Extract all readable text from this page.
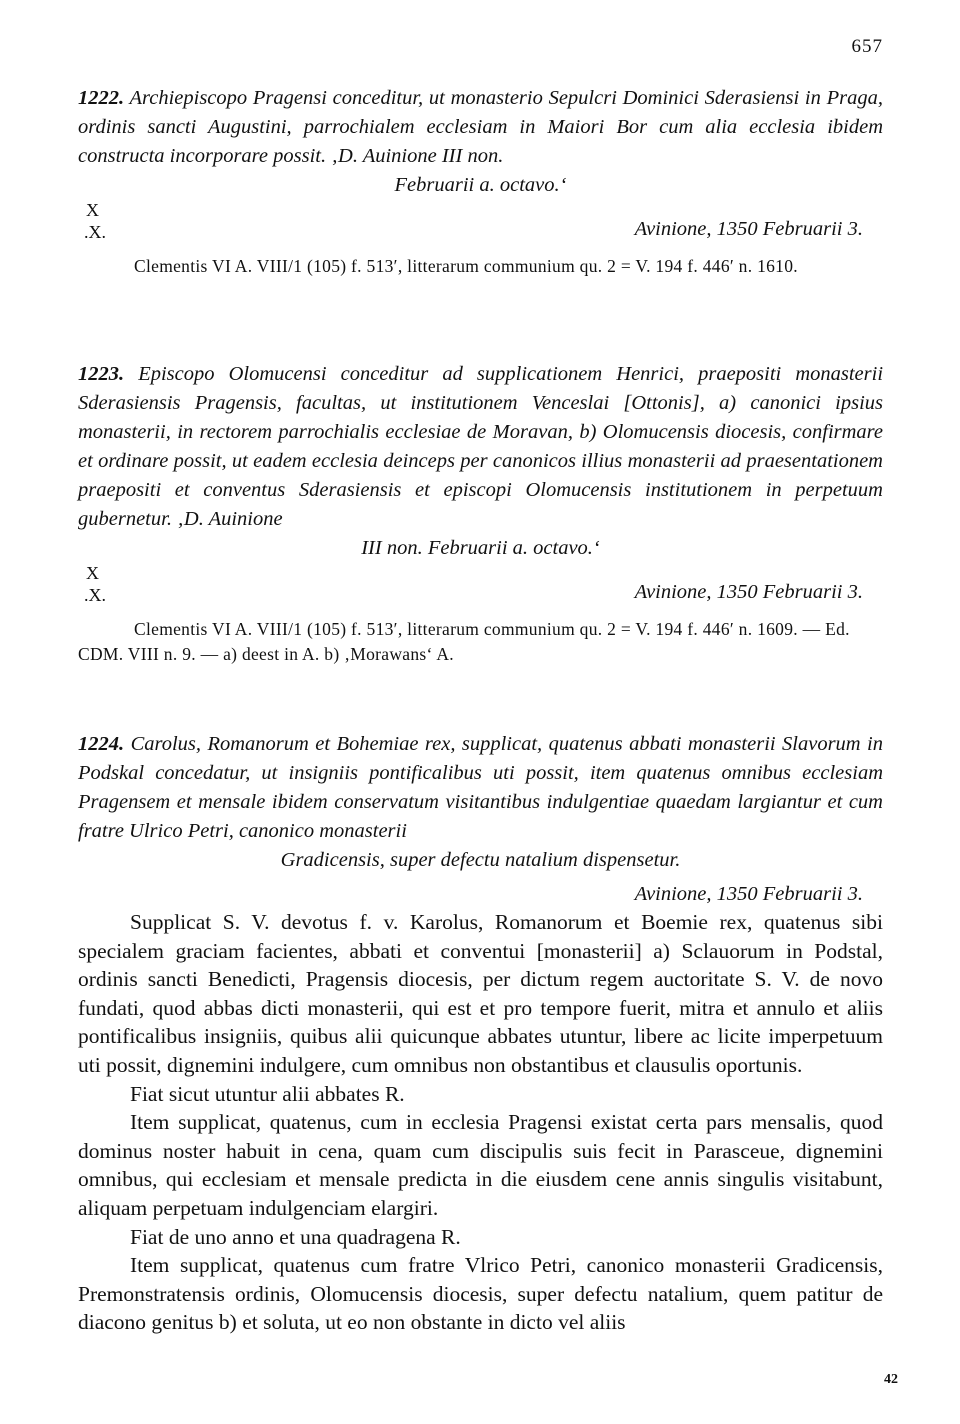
657

1222. Archiepiscopo Pragensi conceditur, ut monasterio Sepulcri Dominici Sderasiensi in Praga, ordinis sancti Augustini, parrochialem ecclesiam in Maiori Bor cum alia ecclesia ibidem constructa incorporare possit. ‚D. Auinione III non.

Februarii a. octavo.‘
X
.X.	Avinione, 1350 Februarii 3.

Clementis VI A. VIII/1 (105) f. 513′, litterarum communium qu. 2 = V. 194 f. 446′ n. 1610.

1223. Episcopo Olomucensi conceditur ad supplicationem Henrici, praepositi monasterii Sderasiensis Pragensis, facultas, ut institutionem Venceslai [Ottonis], a) canonici ipsius monasterii, in rectorem parrochialis ecclesiae de Moravan, b) Olomucensis diocesis, confirmare et ordinare possit, ut eadem ecclesia deinceps per canonicos illius monasterii ad praesentationem praepositi et conventus Sderasiensis et episcopi Olomucensis institutionem in perpetuum gubernetur. ‚D. Auinione

III non. Februarii a. octavo.‘
X
.X.	Avinione, 1350 Februarii 3.

Clementis VI A. VIII/1 (105) f. 513′, litterarum communium qu. 2 = V. 194 f. 446′ n. 1609. — Ed. CDM. VIII n. 9. — a) deest in A. b) ‚Morawans‘ A.

1224. Carolus, Romanorum et Bohemiae rex, supplicat, quatenus abbati monasterii Slavorum in Podskal concedatur, ut insigniis pontificalibus uti possit, item quatenus omnibus ecclesiam Pragensem et mensale ibidem conservatum visitantibus indulgentiae quaedam largiantur et cum fratre Ulrico Petri, canonico monasterii

Gradicensis, super defectu natalium dispensetur.
Avinione, 1350 Februarii 3.

Supplicat S. V. devotus f. v. Karolus, Romanorum et Boemie rex, quatenus sibi specialem graciam facientes, abbati et conventui [monasterii] a) Sclauorum in Podstal, ordinis sancti Benedicti, Pragensis diocesis, per dictum regem auctoritate S. V. de novo fundati, quod abbas dicti monasterii, qui est et pro tempore fuerit, mitra et annulo et aliis pontificalibus insigniis, quibus alii quicunque abbates utuntur, libere ac licite imperpetuum uti possit, dignemini indulgere, cum omnibus non obstantibus et clausulis oportunis.

Fiat sicut utuntur alii abbates R.

Item supplicat, quatenus, cum in ecclesia Pragensi existat certa pars mensalis, quod dominus noster habuit in cena, quam cum discipulis suis fecit in Parasceue, dignemini omnibus, qui ecclesiam et mensale predicta in die eiusdem cene annis singulis visitabunt, aliquam perpetuam indulgenciam elargiri.

Fiat de uno anno et una quadragena R.

Item supplicat, quatenus cum fratre Vlrico Petri, canonico monasterii Gradicensis, Premonstratensis ordinis, Olomucensis diocesis, super defectu natalium, quem patitur de diacono genitus b) et soluta, ut eo non obstante in dicto vel aliis

42
